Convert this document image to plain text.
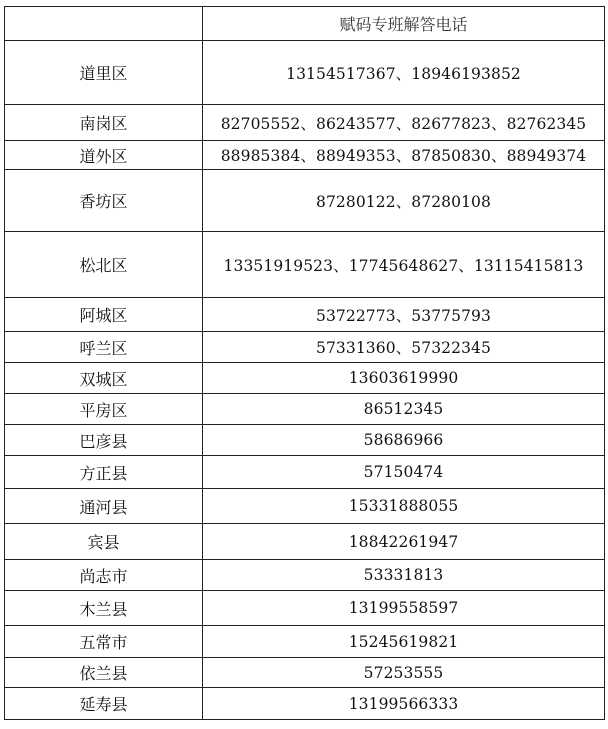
	赋码专班解答电话
道里区	13154517367、18946193852
南岗区	82705552、86243577、82677823、82762345
道外区	88985384、88949353、87850830、88949374
香坊区	87280122、87280108
松北区	13351919523、17745648627、13115415813
阿城区	53722773、53775793
呼兰区	57331360、57322345
双城区	13603619990
平房区	86512345
巴彦县	58686966
方正县	57150474
通河县	15331888055
宾县	18842261947
尚志市	53331813
木兰县	13199558597
五常市	15245619821
依兰县	57253555
延寿县	13199566333
